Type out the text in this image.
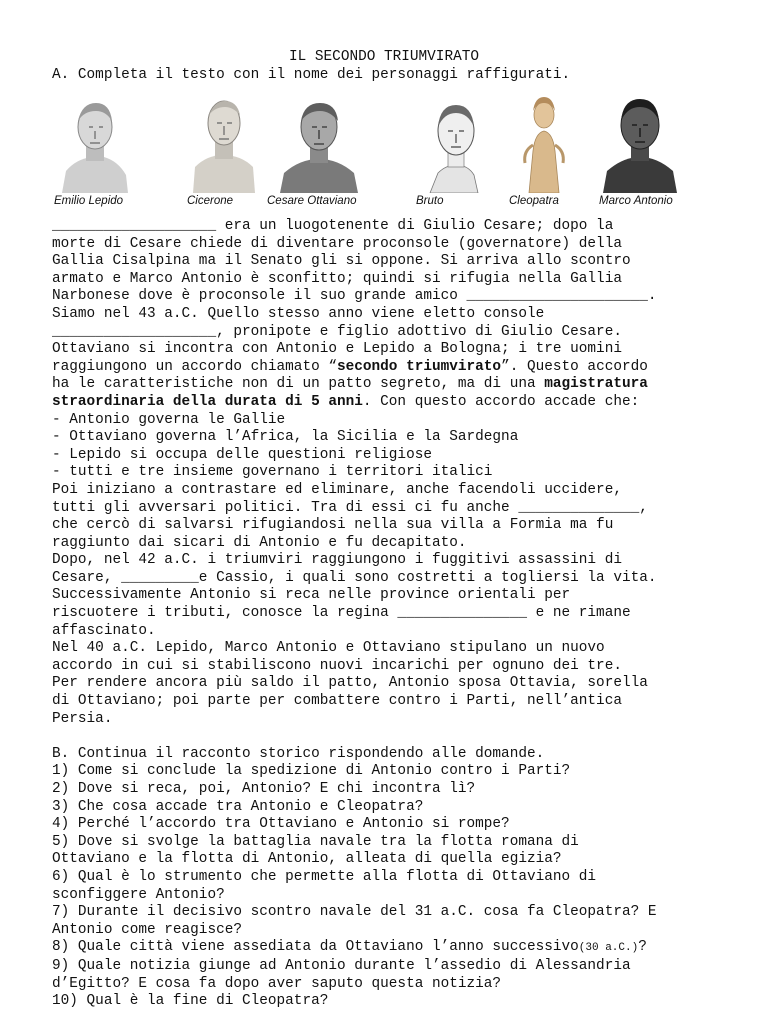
IL SECONDO TRIUMVIRATO
A. Completa il testo con il nome dei personaggi raffigurati.
Emilio Lepido	Cicerone	Cesare Ottaviano	Bruto	Cleopatra	Marco Antonio

___________________ era un luogotenente di Giulio Cesare; dopo la

morte di Cesare chiede di diventare proconsole (governatore) della

Gallia Cisalpina ma il Senato gli si oppone. Si arriva allo scontro

armato e Marco Antonio è sconfitto; quindi si rifugia nella Gallia

Narbonese dove è proconsole il suo grande amico _____________________.

Siamo nel 43 a.C. Quello stesso anno viene eletto console

___________________, pronipote e figlio adottivo di Giulio Cesare.

Ottaviano si incontra con Antonio e Lepido a Bologna; i tre uomini

raggiungono un accordo chiamato “secondo triumvirato”. Questo accordo

ha le caratteristiche non di un patto segreto, ma di una magistratura

straordinaria della durata di 5 anni. Con questo accordo accade che:

- Antonio governa le Gallie

- Ottaviano governa l’Africa, la Sicilia e la Sardegna

- Lepido si occupa delle questioni religiose

- tutti e tre insieme governano i territori italici

Poi iniziano a contrastare ed eliminare, anche facendoli uccidere,

tutti gli avversari politici. Tra di essi ci fu anche ______________,

che cercò di salvarsi rifugiandosi nella sua villa a Formia ma fu

raggiunto dai sicari di Antonio e fu decapitato.

Dopo, nel 42 a.C. i triumviri raggiungono i fuggitivi assassini di

Cesare, _________e Cassio, i quali sono costretti a togliersi la vita.

Successivamente Antonio si reca nelle province orientali per

riscuotere i tributi, conosce la regina _______________ e ne rimane

affascinato.

Nel 40 a.C. Lepido, Marco Antonio e Ottaviano stipulano un nuovo

accordo in cui si stabiliscono nuovi incarichi per ognuno dei tre.

Per rendere ancora più saldo il patto, Antonio sposa Ottavia, sorella

di Ottaviano; poi parte per combattere contro i Parti, nell’antica

Persia.

B. Continua il racconto storico rispondendo alle domande.

1) Come si conclude la spedizione di Antonio contro i Parti?

2) Dove si reca, poi, Antonio? E chi incontra lì?

3) Che cosa accade tra Antonio e Cleopatra?

4) Perché l’accordo tra Ottaviano e Antonio si rompe?

5) Dove si svolge la battaglia navale tra la flotta romana di

Ottaviano e la flotta di Antonio, alleata di quella egizia?

6) Qual è lo strumento che permette alla flotta di Ottaviano di

sconfiggere Antonio?

7) Durante il decisivo scontro navale del 31 a.C. cosa fa Cleopatra? E

Antonio come reagisce?

8) Quale città viene assediata da Ottaviano l’anno successivo(30 a.C.)?

9) Quale notizia giunge ad Antonio durante l’assedio di Alessandria

d’Egitto? E cosa fa dopo aver saputo questa notizia?

10) Qual è la fine di Cleopatra?
